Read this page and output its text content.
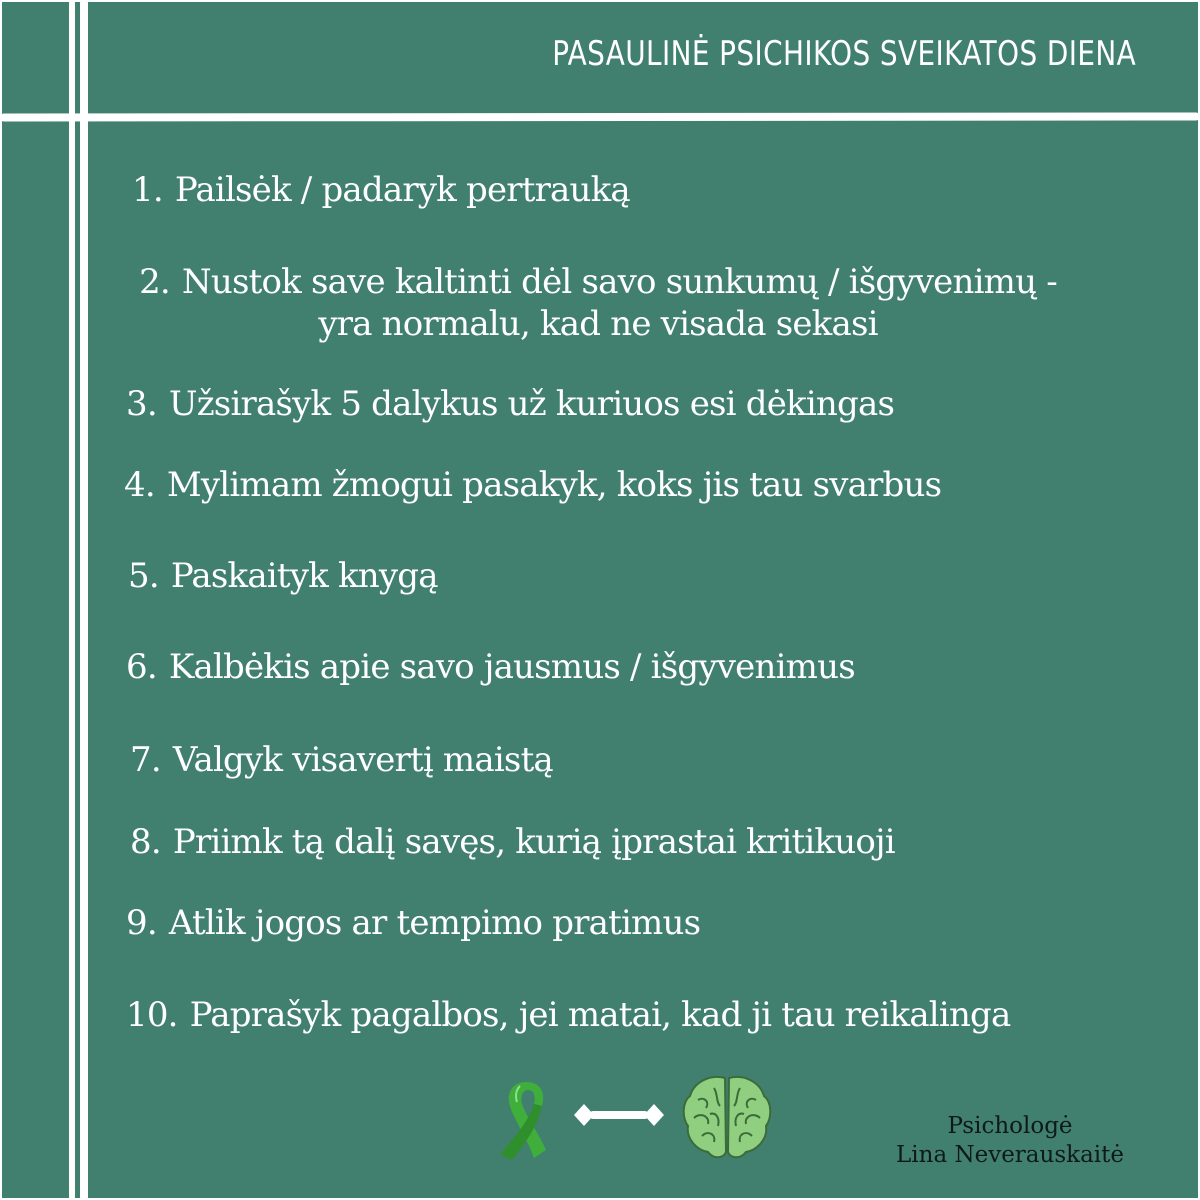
PASAULINĖ PSICHIKOS SVEIKATOS DIENA
1. Pailsėk / padaryk pertrauką
2. Nustok save kaltinti dėl savo sunkumų / išgyvenimų - yra normalu, kad ne visada sekasi
3. Užsirašyk 5 dalykus už kuriuos esi dėkingas
4. Mylimam žmogui pasakyk, koks jis tau svarbus
5. Paskaityk knygą
6. Kalbėkis apie savo jausmus / išgyvenimus
7. Valgyk visavertį maistą
8. Priimk tą dalį savęs, kurią įprastai kritikuoji
9. Atlik jogos ar tempimo pratimus
10. Paprašyk pagalbos, jei matai, kad ji tau reikalinga
Psichologė
Lina Neverauskaitė
